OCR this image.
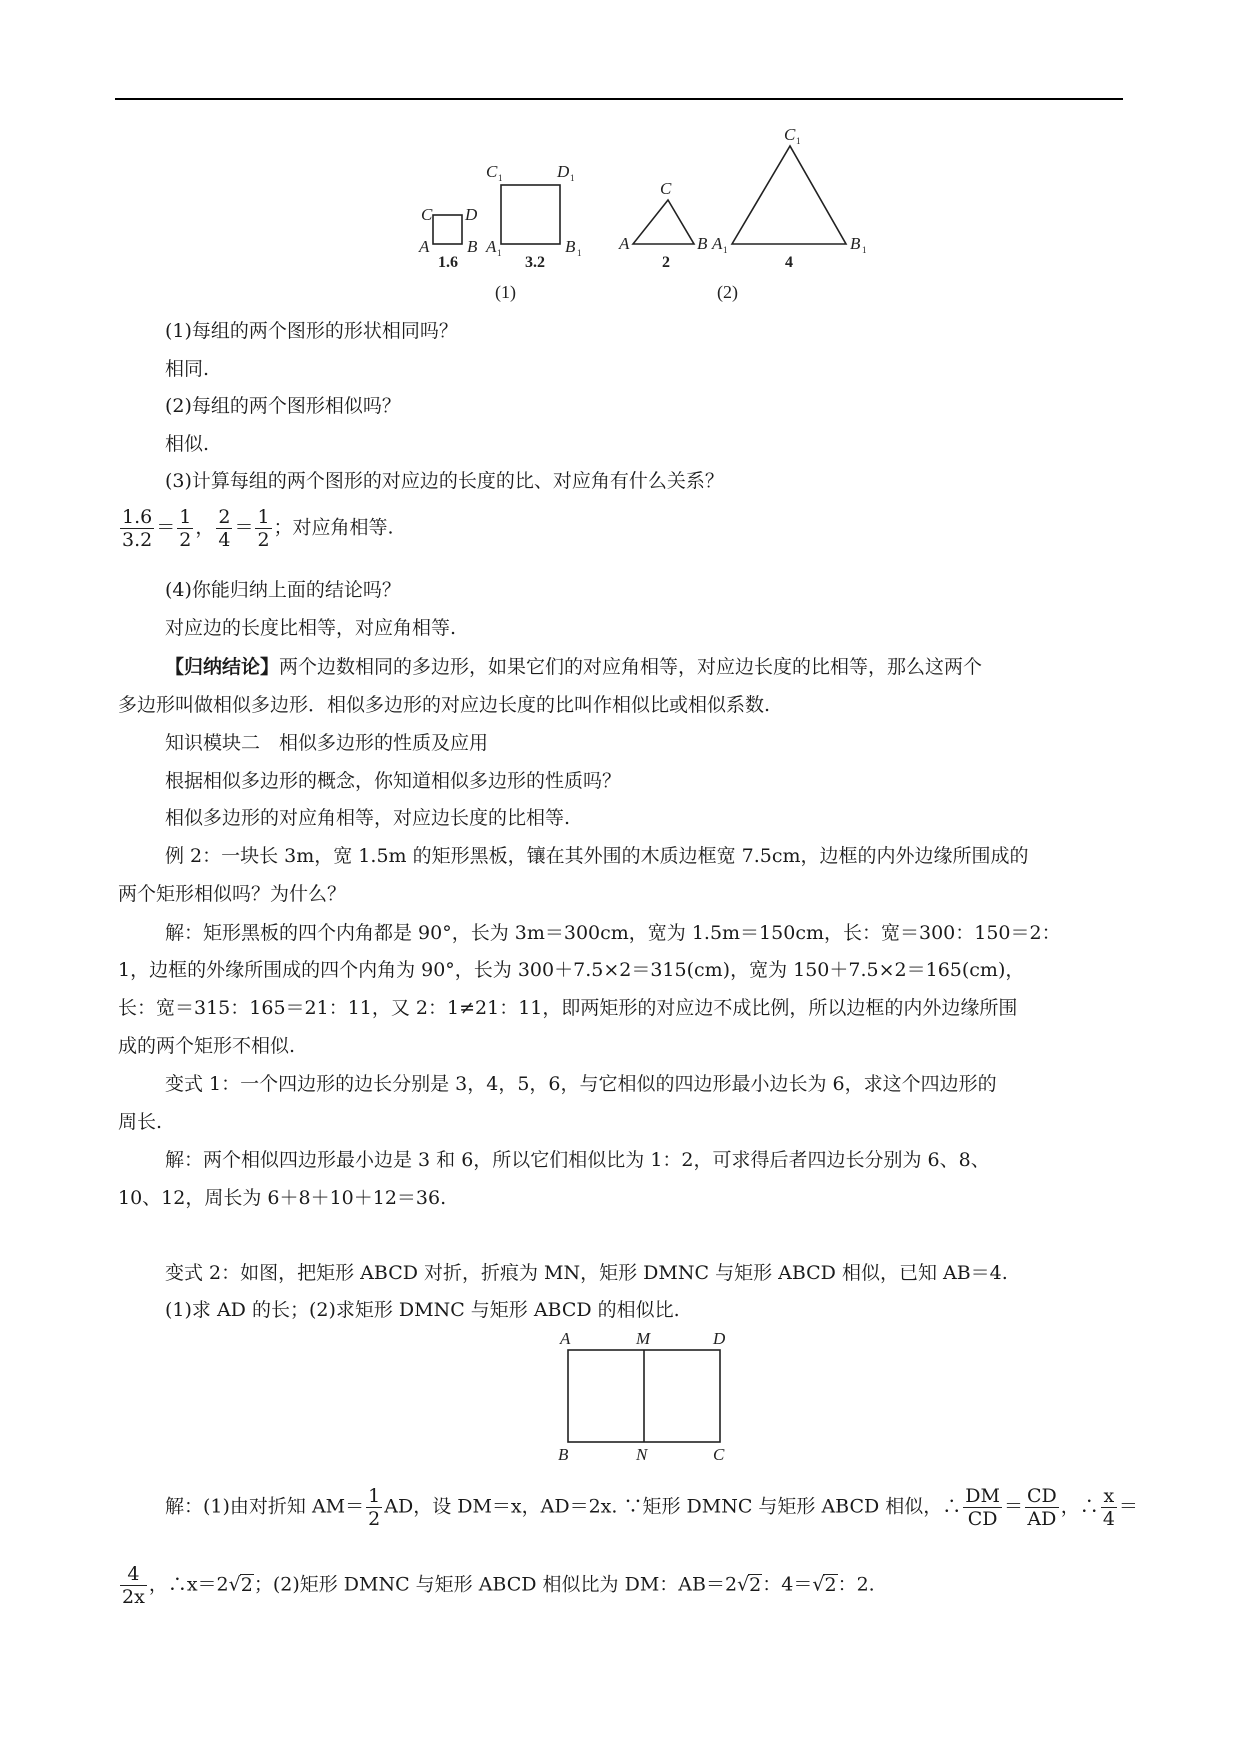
C D
A B
1.6
C 1	D 1
A 1	B 1
3.2
C
A	B
2
C 1
A 1	B 1
4
(1)	(2)
(1)每组的两个图形的形状相同吗？
相同.
(2)每组的两个图形相似吗？
相似.
(3)计算每组的两个图形的对应边的长度的比、对应角有什么关系？
$\frac{1.6}{3.2} = \frac{1}{2}$ ， $\frac{2}{4} = \frac{1}{2}$ ；对应角相等.
(4)你能归纳上面的结论吗？
对应边的长度比相等，对应角相等.
【归纳结论】两个边数相同的多边形，如果它们的对应角相等，对应边长度的比相等，那么这两个
多边形叫做相似多边形．相似多边形的对应边长度的比叫作相似比或相似系数.
知识模块二　相似多边形的性质及应用
根据相似多边形的概念，你知道相似多边形的性质吗？
相似多边形的对应角相等，对应边长度的比相等.
例 2：一块长 3m，宽 1.5m 的矩形黑板，镶在其外围的木质边框宽 7.5cm，边框的内外边缘所围成的
两个矩形相似吗？为什么？
解：矩形黑板的四个内角都是 90°，长为 3m＝300cm，宽为 1.5m＝150cm，长：宽＝300：150＝2：
1，边框的外缘所围成的四个内角为 90°，长为 300＋7.5×2＝315(cm)，宽为 150＋7.5×2＝165(cm)，
长：宽＝315：165＝21：11，又 2：1≠21：11，即两矩形的对应边不成比例，所以边框的内外边缘所围
成的两个矩形不相似.
变式 1：一个四边形的边长分别是 3，4，5，6，与它相似的四边形最小边长为 6，求这个四边形的
周长.
解：两个相似四边形最小边是 3 和 6，所以它们相似比为 1：2，可求得后者四边长分别为 6、8、
10、12，周长为 6＋8＋10＋12＝36.
变式 2：如图，把矩形 ABCD 对折，折痕为 MN，矩形 DMNC 与矩形 ABCD 相似，已知 AB＝4.
(1)求 AD 的长；(2)求矩形 DMNC 与矩形 ABCD 的相似比.
A	M	D
B	N	C
解：(1)由对折知 $AM= \frac{1}{2}$ AD，设 DM＝x，AD＝2x. ∵矩形 DMNC 与矩形 ABCD 相似，∴ $\frac{DM}{CD} = \frac{CD}{AD}$ ，∴ $\frac{x}{4}$ ＝
$\frac{4}{2x}$ ，∴x＝2√2；(2)矩形 DMNC 与矩形 ABCD 相似比为 DM：AB＝2√2：4＝√2：2.
